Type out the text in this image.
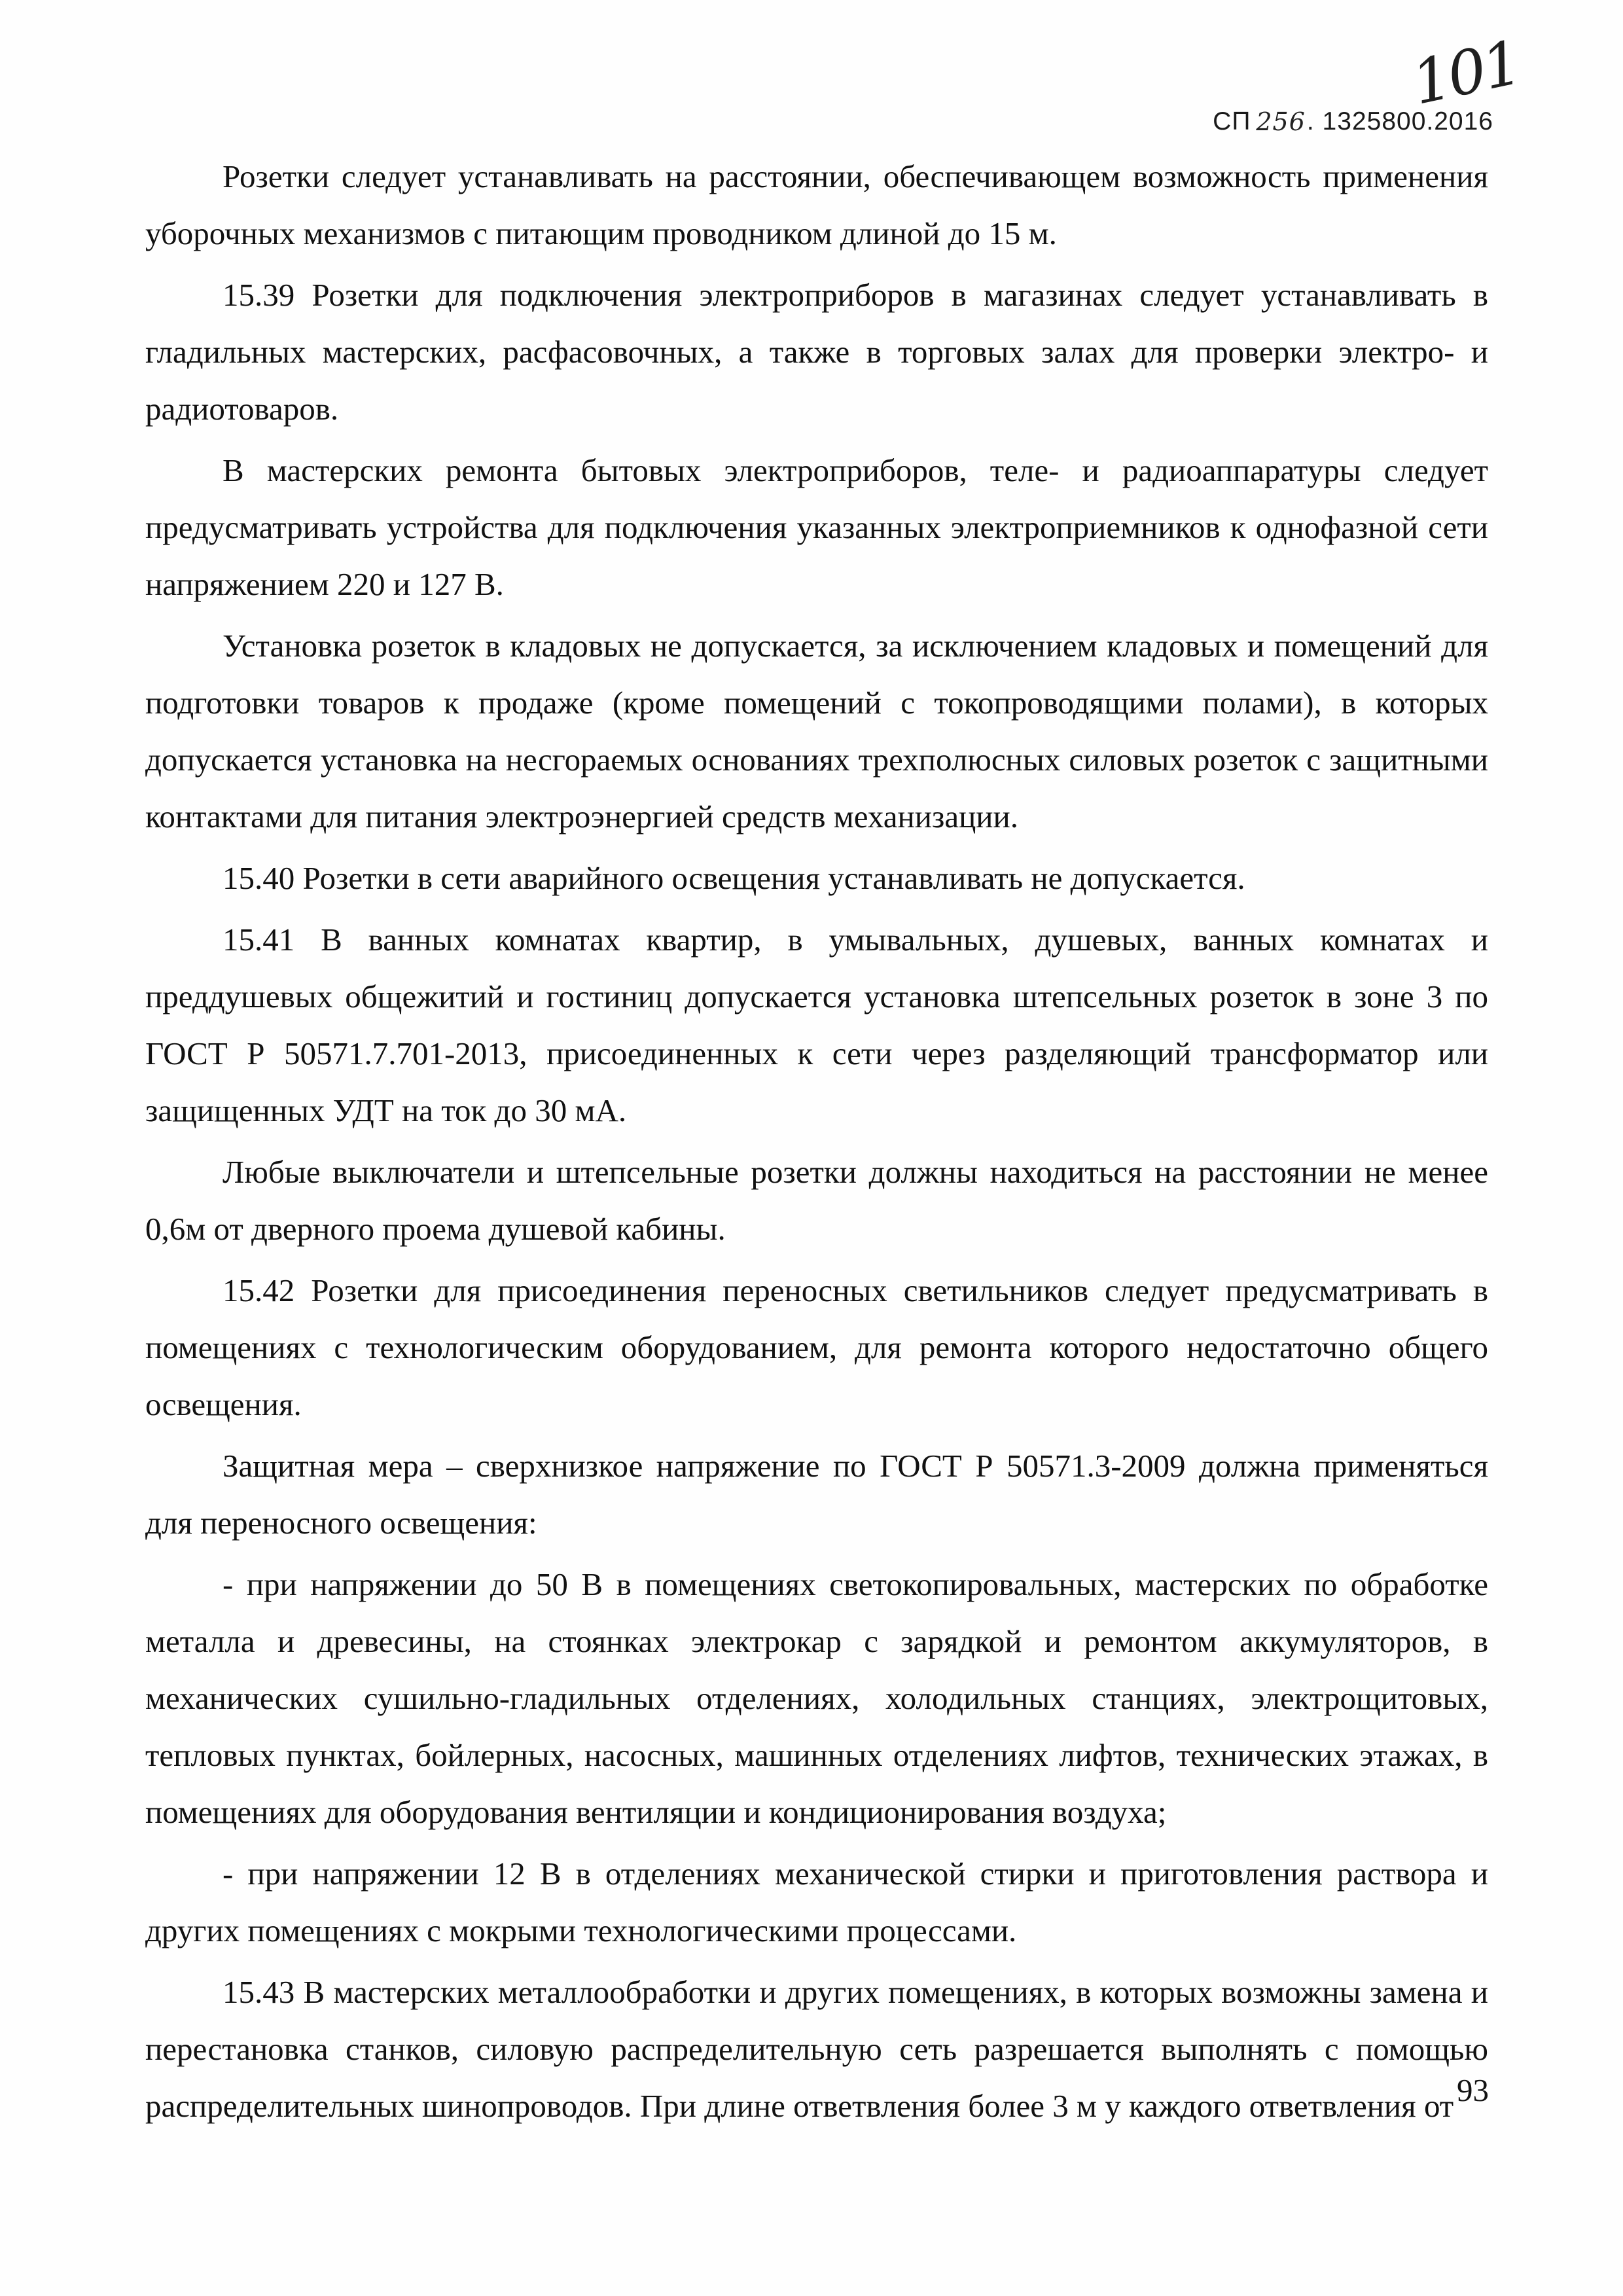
СП 256 . 1325800.2016
101

Розетки следует устанавливать на расстоянии, обеспечивающем возможность применения уборочных механизмов с питающим проводником длиной до 15 м.

15.39 Розетки для подключения электроприборов в магазинах следует устанавливать в гладильных мастерских, расфасовочных, а также в торговых залах для проверки электро- и радиотоваров.

В мастерских ремонта бытовых электроприборов, теле- и радиоаппаратуры следует предусматривать устройства для подключения указанных электроприемников к однофазной сети напряжением 220 и 127 В.

Установка розеток в кладовых не допускается, за исключением кладовых и помещений для подготовки товаров к продаже (кроме помещений с токопроводящими полами), в которых допускается установка на несгораемых основаниях трехполюсных силовых розеток с защитными контактами для питания электроэнергией средств механизации.

15.40 Розетки в сети аварийного освещения устанавливать не допускается.

15.41 В ванных комнатах квартир, в умывальных, душевых, ванных комнатах и преддушевых общежитий и гостиниц допускается установка штепсельных розеток в зоне 3 по ГОСТ Р 50571.7.701-2013, присоединенных к сети через разделяющий трансформатор или защищенных УДТ на ток до 30 мА.

Любые выключатели и штепсельные розетки должны находиться на расстоянии не менее 0,6м от дверного проема душевой кабины.

15.42 Розетки для присоединения переносных светильников следует предусматривать в помещениях с технологическим оборудованием, для ремонта которого недостаточно общего освещения.

Защитная мера – сверхнизкое напряжение по ГОСТ Р 50571.3-2009 должна применяться для переносного освещения:

- при напряжении до 50 В в помещениях светокопировальных, мастерских по обработке металла и древесины, на стоянках электрокар с зарядкой и ремонтом аккумуляторов, в механических сушильно-гладильных отделениях, холодильных станциях, электрощитовых, тепловых пунктах, бойлерных, насосных, машинных отделениях лифтов, технических этажах, в помещениях для оборудования вентиляции и кондиционирования воздуха;

- при напряжении 12 В в отделениях механической стирки и приготовления раствора и других помещениях с мокрыми технологическими процессами.

15.43 В мастерских металлообработки и других помещениях, в которых возможны замена и перестановка станков, силовую распределительную сеть разрешается выполнять с помощью распределительных шинопроводов. При длине ответвления более 3 м у каждого ответвления от 93
